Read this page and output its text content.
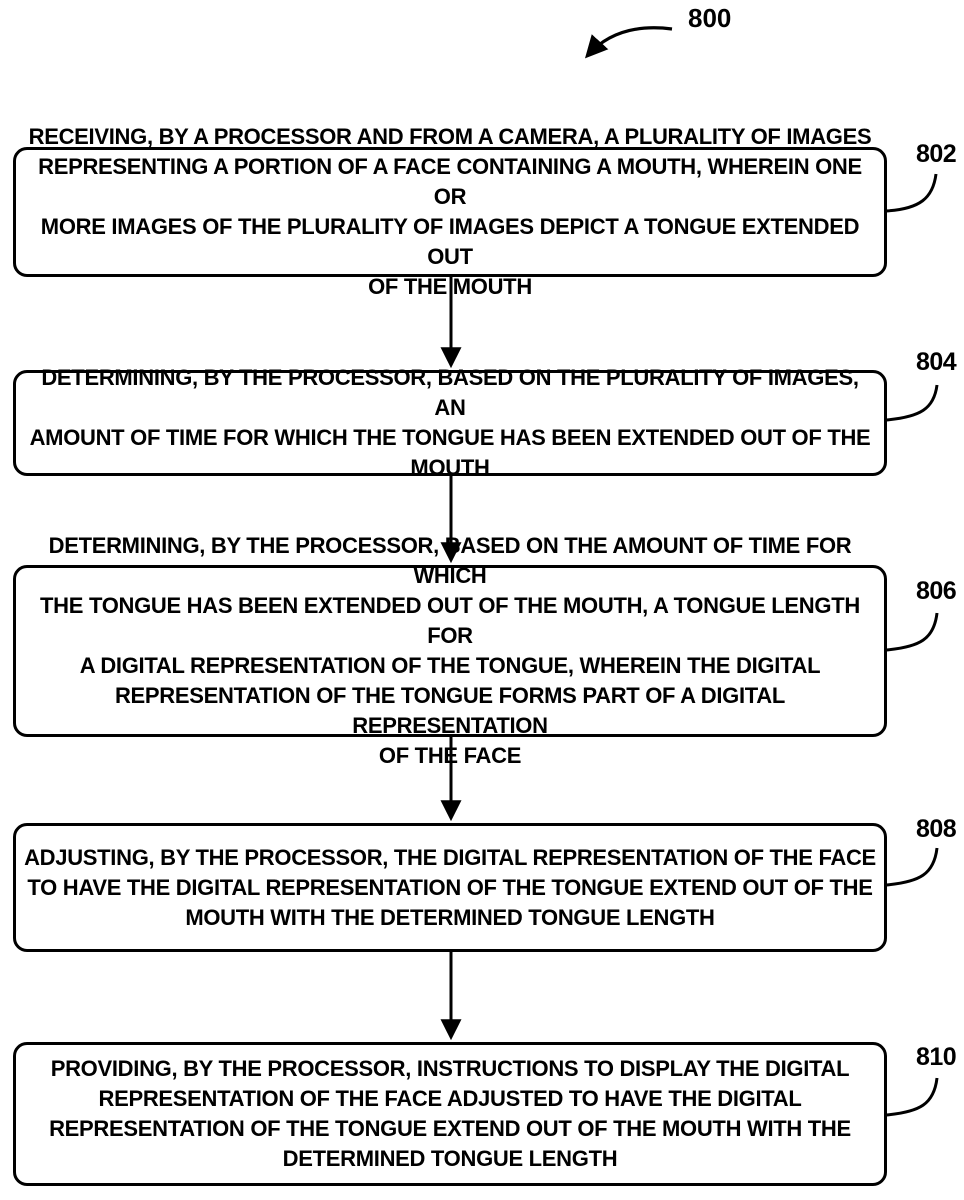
800
RECEIVING, BY A PROCESSOR AND FROM A CAMERA, A PLURALITY OF IMAGES
REPRESENTING A PORTION OF A FACE CONTAINING A MOUTH, WHEREIN ONE OR
MORE IMAGES OF THE PLURALITY OF IMAGES DEPICT A TONGUE EXTENDED OUT
OF THE MOUTH
802
DETERMINING, BY THE PROCESSOR, BASED ON THE PLURALITY OF IMAGES, AN
AMOUNT OF TIME FOR WHICH THE TONGUE HAS BEEN EXTENDED OUT OF THE
MOUTH
804
DETERMINING, BY THE PROCESSOR, BASED ON THE AMOUNT OF TIME FOR WHICH
THE TONGUE HAS BEEN EXTENDED OUT OF THE MOUTH, A TONGUE LENGTH FOR
A DIGITAL REPRESENTATION OF THE TONGUE, WHEREIN THE DIGITAL
REPRESENTATION OF THE TONGUE FORMS PART OF A DIGITAL REPRESENTATION
OF THE FACE
806
ADJUSTING, BY THE PROCESSOR, THE DIGITAL REPRESENTATION OF THE FACE
TO HAVE THE DIGITAL REPRESENTATION OF THE TONGUE EXTEND OUT OF THE
MOUTH WITH THE DETERMINED TONGUE LENGTH
808
PROVIDING, BY THE PROCESSOR, INSTRUCTIONS TO DISPLAY THE DIGITAL
REPRESENTATION OF THE FACE ADJUSTED TO HAVE THE DIGITAL
REPRESENTATION OF THE TONGUE EXTEND OUT OF THE MOUTH WITH THE
DETERMINED TONGUE LENGTH
810
